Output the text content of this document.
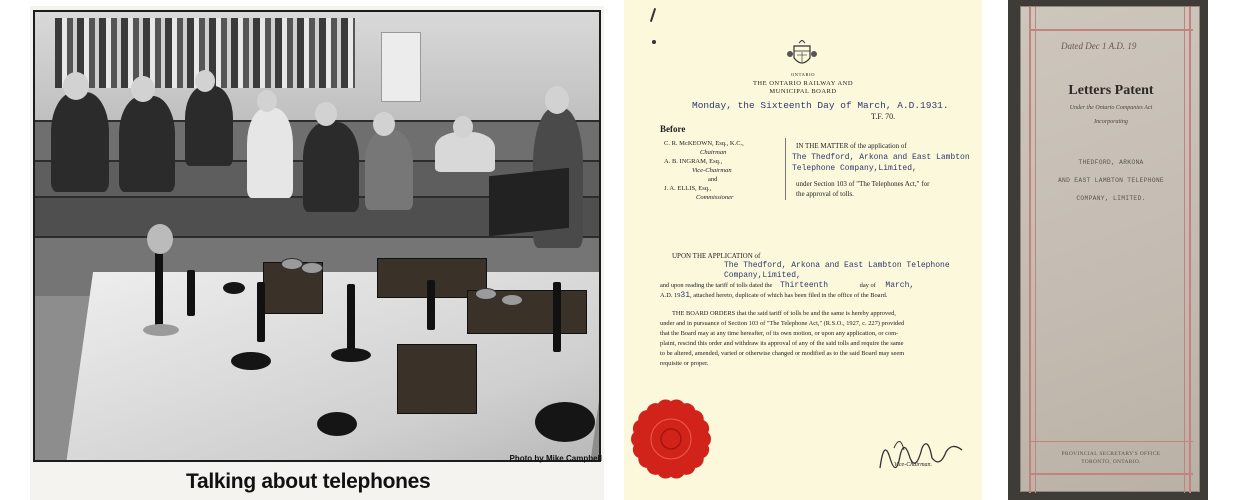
Photo by Mike Campbell
Talking about telephones
ONTARIO
THE ONTARIO RAILWAY AND
MUNICIPAL BOARD
Monday, the Sixteenth Day of March, A.D.1931.
T.F. 70.
Before
C. R. McKEOWN, Esq., K.C.,
Chairman
A. B. INGRAM, Esq.,
Vice-Chairman
and
J. A. ELLIS, Esq.,
Commissioner
IN THE MATTER of the application of
The Thedford, Arkona and East Lambton
Telephone Company,Limited,
under Section 103 of "The Telephones Act," for
the approval of tolls.
UPON THE APPLICATION of
The Thedford, Arkona and East Lambton Telephone
Company,Limited,
and upon reading the tariff of tolls dated the Thirteenth	day of March,
A.D. 1931, attached hereto, duplicate of which has been filed in the office of the Board.
THE BOARD ORDERS that the said tariff of tolls be and the same is hereby approved,
under and in pursuance of Section 103 of "The Telephone Act," (R.S.O., 1927, c. 227) provided
that the Board may at any time hereafter, of its own motion, or upon any application, or com-
plaint, rescind this order and withdraw its approval of any of the said tolls and require the same
to be altered, amended, varied or otherwise changed or modified as to the said Board may seem
requisite or proper.
Vice-Chairman.
Dated Dec 1 A.D. 19
Letters Patent
Under the Ontario Companies Act
Incorporating
THEDFORD, ARKONA
AND EAST LAMBTON TELEPHONE
COMPANY, LIMITED.
PROVINCIAL SECRETARY'S OFFICE
TORONTO, ONTARIO.
